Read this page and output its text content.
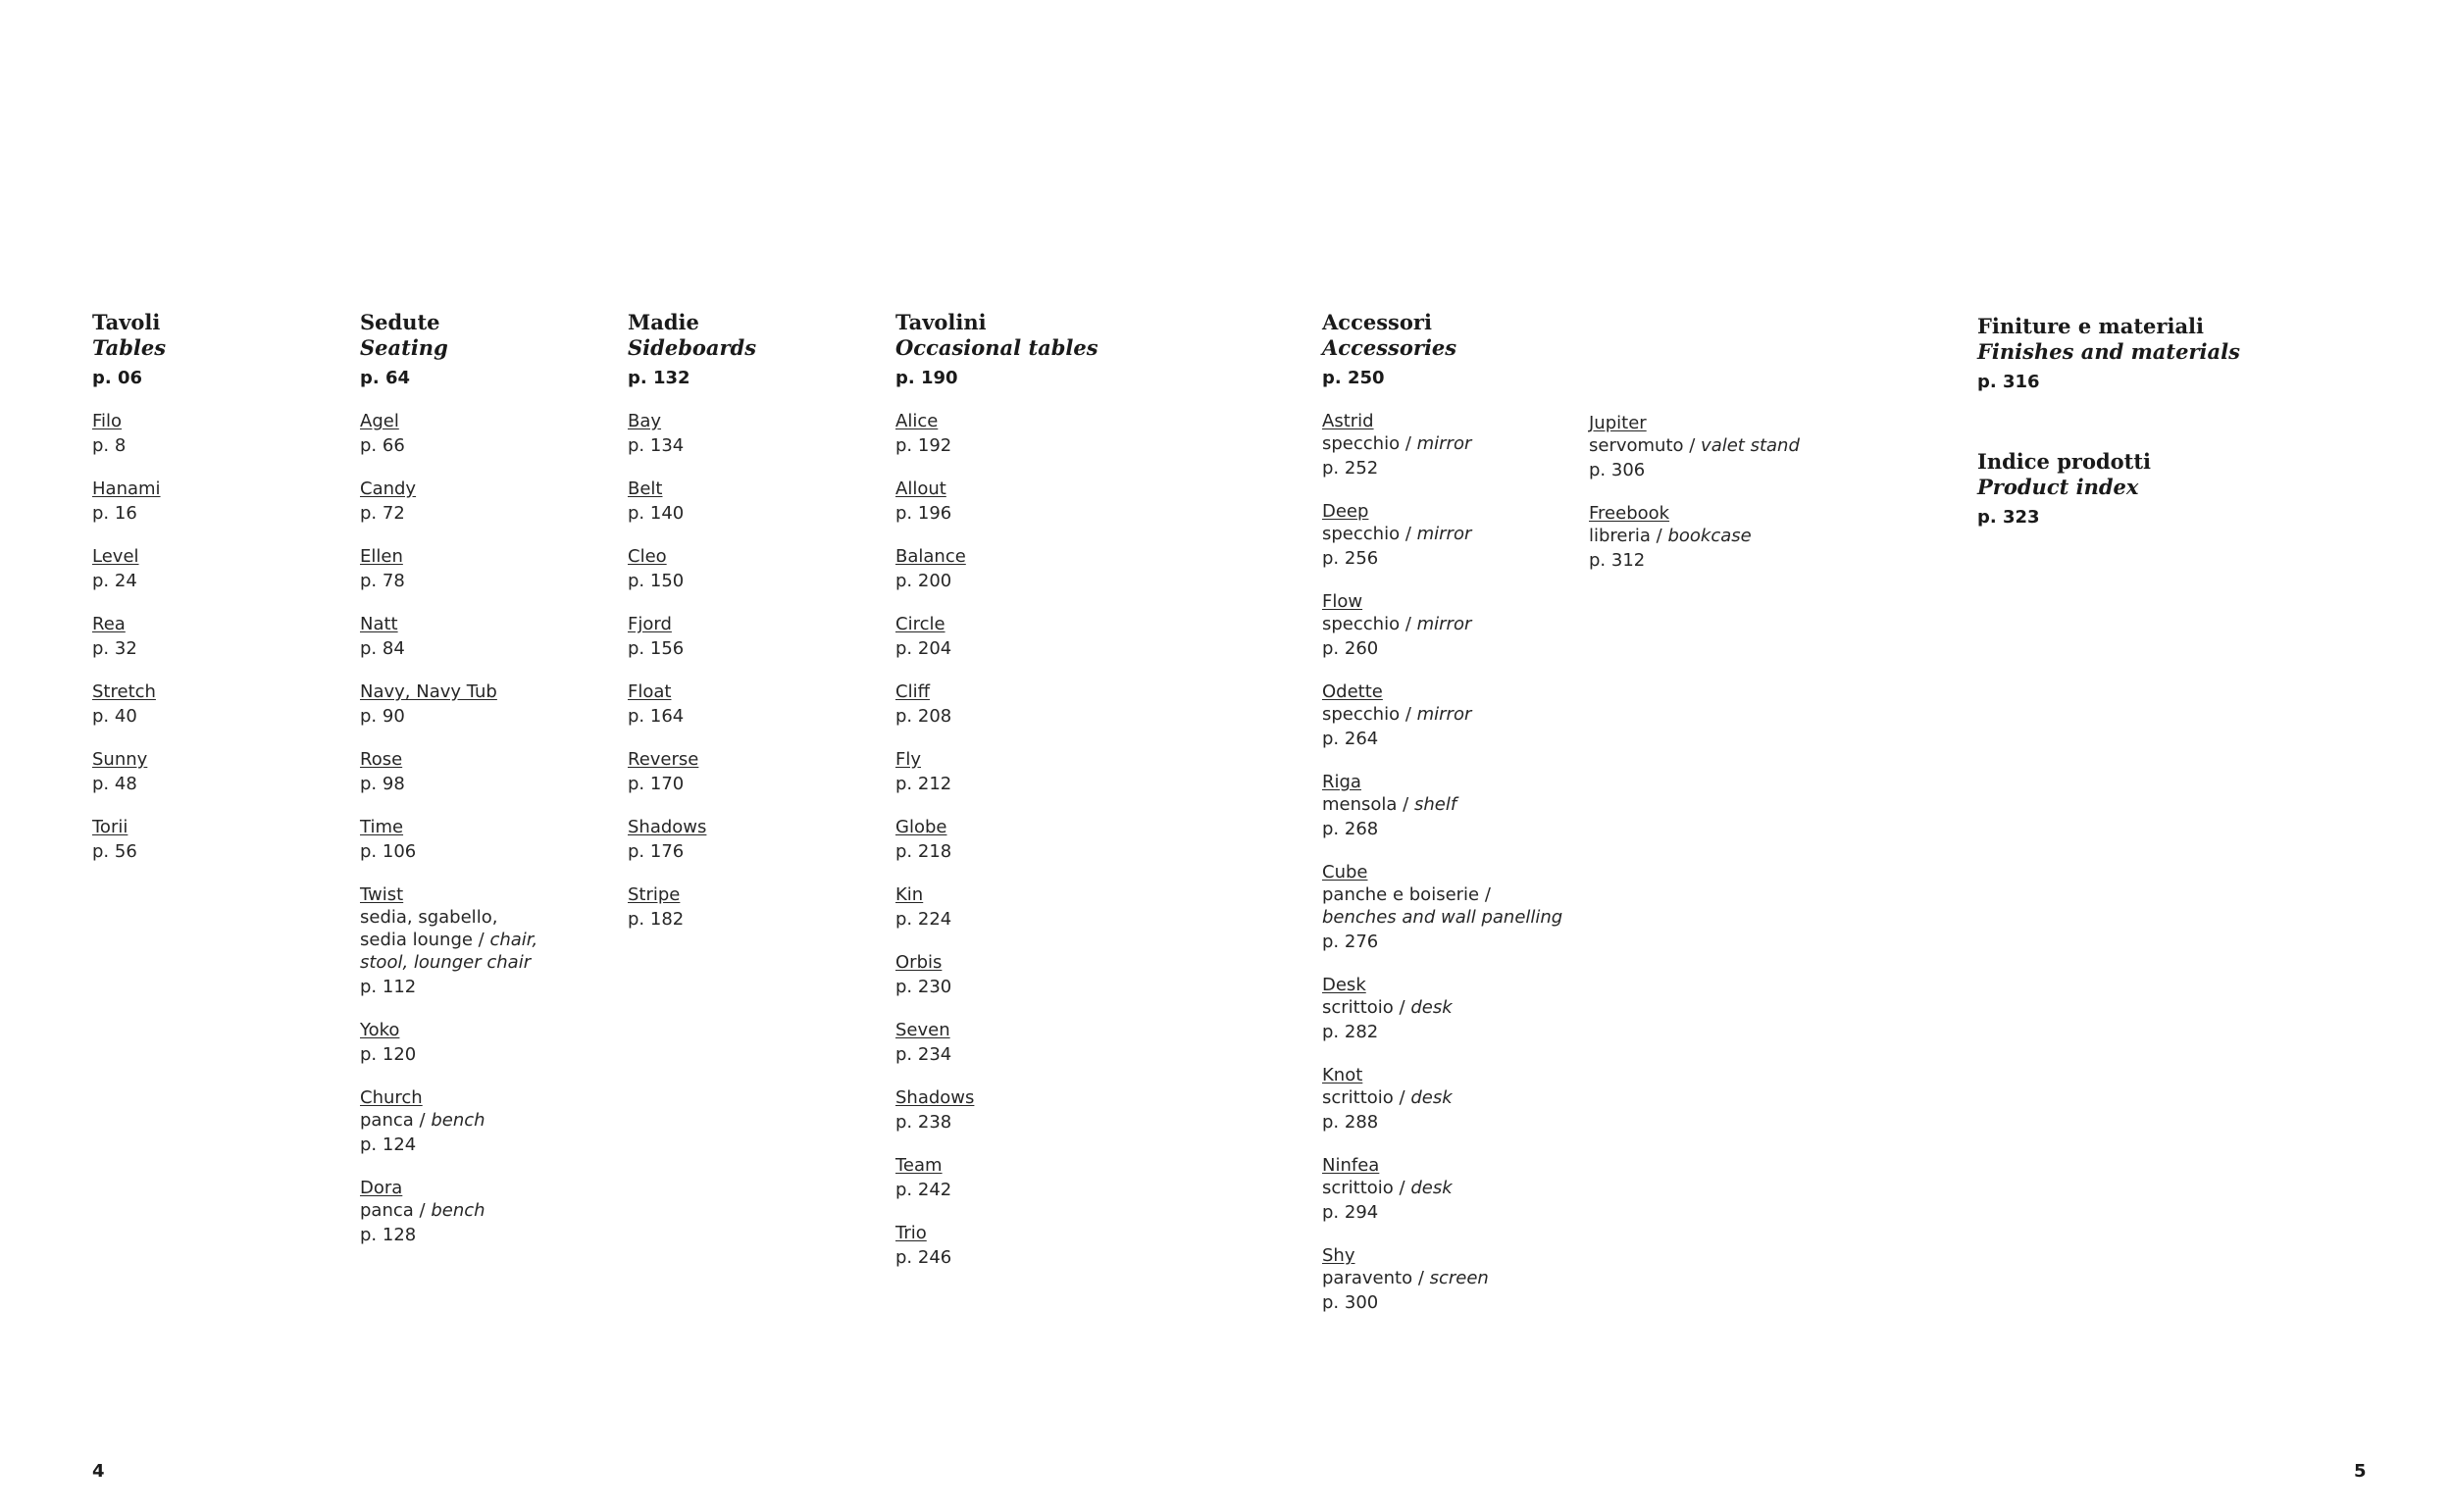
Tavoli
Tables
p. 06
Filo
p. 8
Hanami
p. 16
Level
p. 24
Rea
p. 32
Stretch
p. 40
Sunny
p. 48
Torii
p. 56
Sedute
Seating
p. 64
Agel
p. 66
Candy
p. 72
Ellen
p. 78
Natt
p. 84
Navy, Navy Tub
p. 90
Rose
p. 98
Time
p. 106
Twist
sedia, sgabello,
sedia lounge / chair,
stool, lounger chair
p. 112
Yoko
p. 120
Church
panca / bench
p. 124
Dora
panca / bench
p. 128
Madie
Sideboards
p. 132
Bay
p. 134
Belt
p. 140
Cleo
p. 150
Fjord
p. 156
Float
p. 164
Reverse
p. 170
Shadows
p. 176
Stripe
p. 182
Tavolini
Occasional tables
p. 190
Alice
p. 192
Allout
p. 196
Balance
p. 200
Circle
p. 204
Cliff
p. 208
Fly
p. 212
Globe
p. 218
Kin
p. 224
Orbis
p. 230
Seven
p. 234
Shadows
p. 238
Team
p. 242
Trio
p. 246
Accessori
Accessories
p. 250
Astrid
specchio / mirror
p. 252
Deep
specchio / mirror
p. 256
Flow
specchio / mirror
p. 260
Odette
specchio / mirror
p. 264
Riga
mensola / shelf
p. 268
Cube
panche e boiserie /
benches and wall panelling
p. 276
Desk
scrittoio / desk
p. 282
Knot
scrittoio / desk
p. 288
Ninfea
scrittoio / desk
p. 294
Shy
paravento / screen
p. 300
Jupiter
servomuto / valet stand
p. 306
Freebook
libreria / bookcase
p. 312
Finiture e materiali
Finishes and materials
p. 316
Indice prodotti
Product index
p. 323
4	5
